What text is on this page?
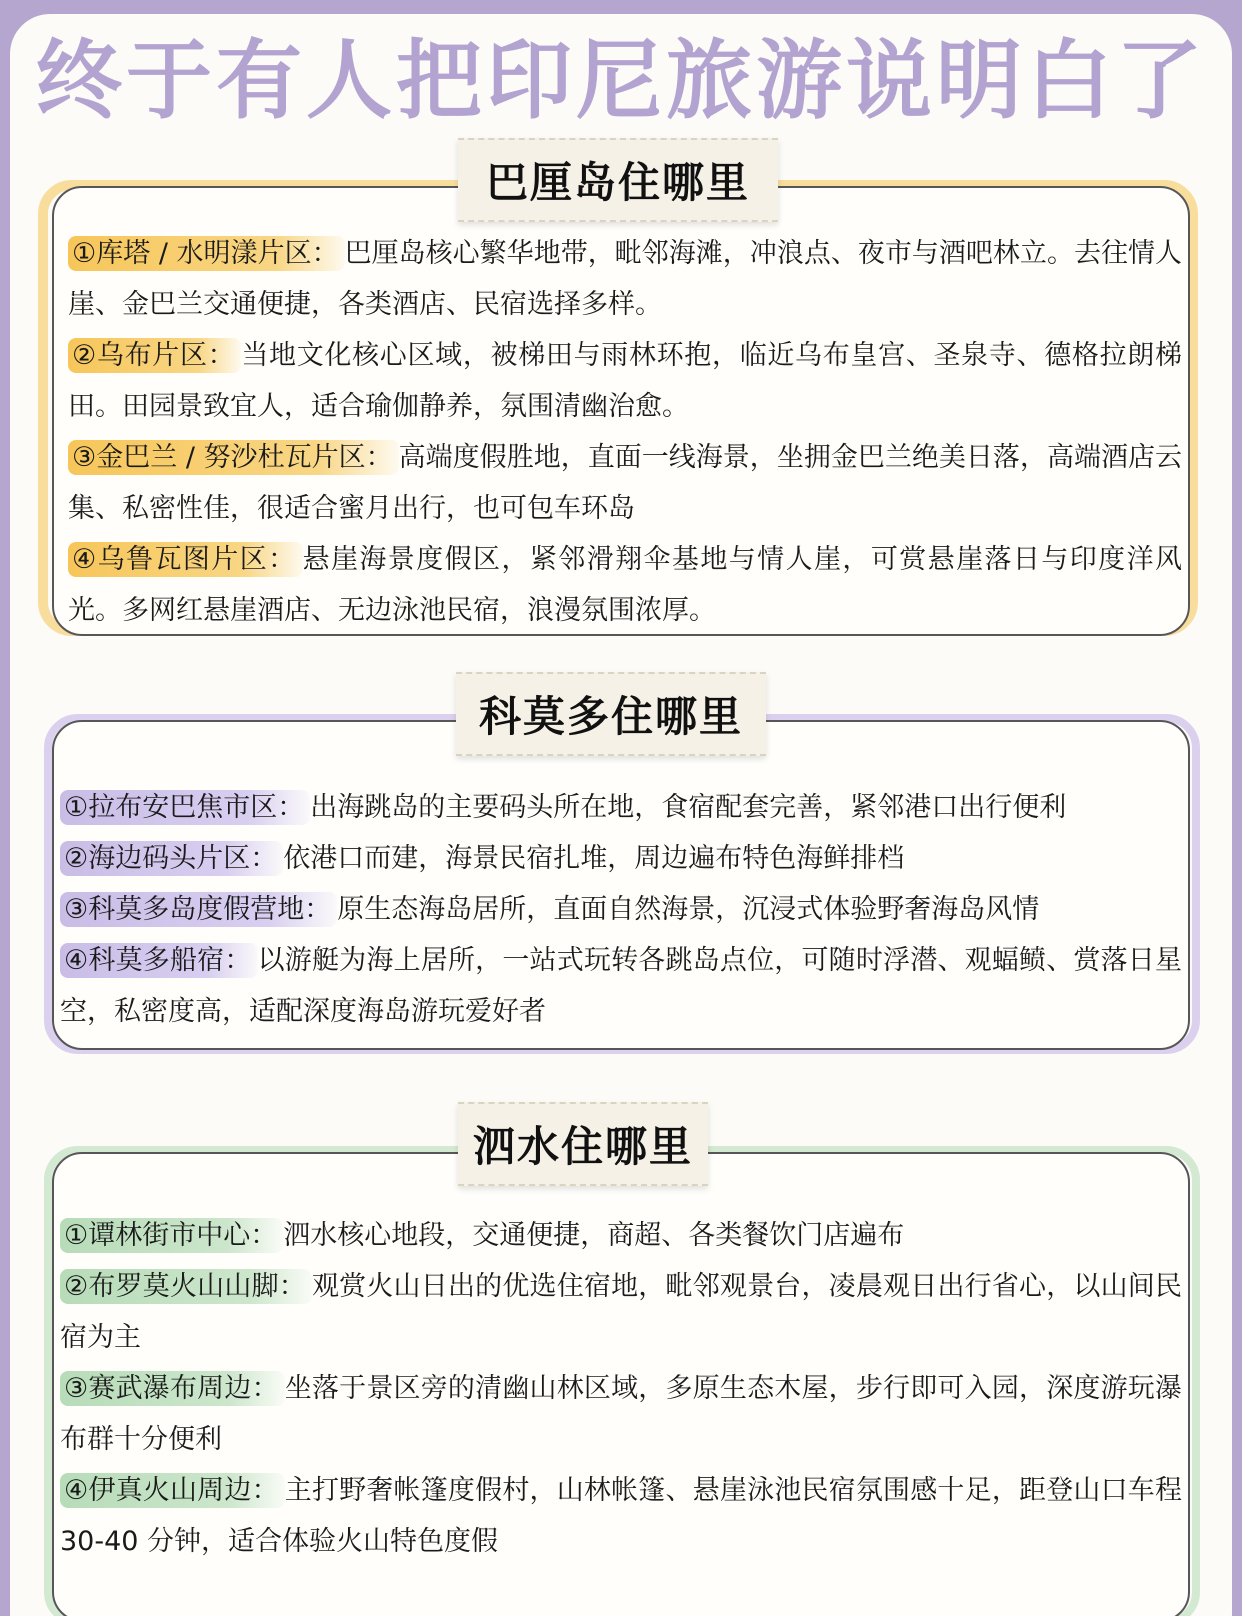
终于有人把印尼旅游说明白了
巴厘岛住哪里

①库塔 / 水明漾片区： 巴厘岛核心繁华地带，毗邻海滩，冲浪点、夜市与酒吧林立。去往情人崖、金巴兰交通便捷，各类酒店、民宿选择多样。

②乌布片区： 当地文化核心区域，被梯田与雨林环抱，临近乌布皇宫、圣泉寺、德格拉朗梯田。田园景致宜人，适合瑜伽静养，氛围清幽治愈。

③金巴兰 / 努沙杜瓦片区： 高端度假胜地，直面一线海景，坐拥金巴兰绝美日落，高端酒店云集、私密性佳，很适合蜜月出行，也可包车环岛

④乌鲁瓦图片区： 悬崖海景度假区，紧邻滑翔伞基地与情人崖，可赏悬崖落日与印度洋风光。多网红悬崖酒店、无边泳池民宿，浪漫氛围浓厚。

科莫多住哪里

①拉布安巴焦市区： 出海跳岛的主要码头所在地，食宿配套完善，紧邻港口出行便利

②海边码头片区： 依港口而建，海景民宿扎堆，周边遍布特色海鲜排档

③科莫多岛度假营地： 原生态海岛居所，直面自然海景，沉浸式体验野奢海岛风情

④科莫多船宿： 以游艇为海上居所，一站式玩转各跳岛点位，可随时浮潜、观蝠鲼、赏落日星空，私密度高，适配深度海岛游玩爱好者

泗水住哪里

①谭林街市中心： 泗水核心地段，交通便捷，商超、各类餐饮门店遍布

②布罗莫火山山脚： 观赏火山日出的优选住宿地，毗邻观景台，凌晨观日出行省心，以山间民宿为主

③赛武瀑布周边： 坐落于景区旁的清幽山林区域，多原生态木屋，步行即可入园，深度游玩瀑布群十分便利

④伊真火山周边： 主打野奢帐篷度假村，山林帐篷、悬崖泳池民宿氛围感十足，距登山口车程 30-40 分钟，适合体验火山特色度假
